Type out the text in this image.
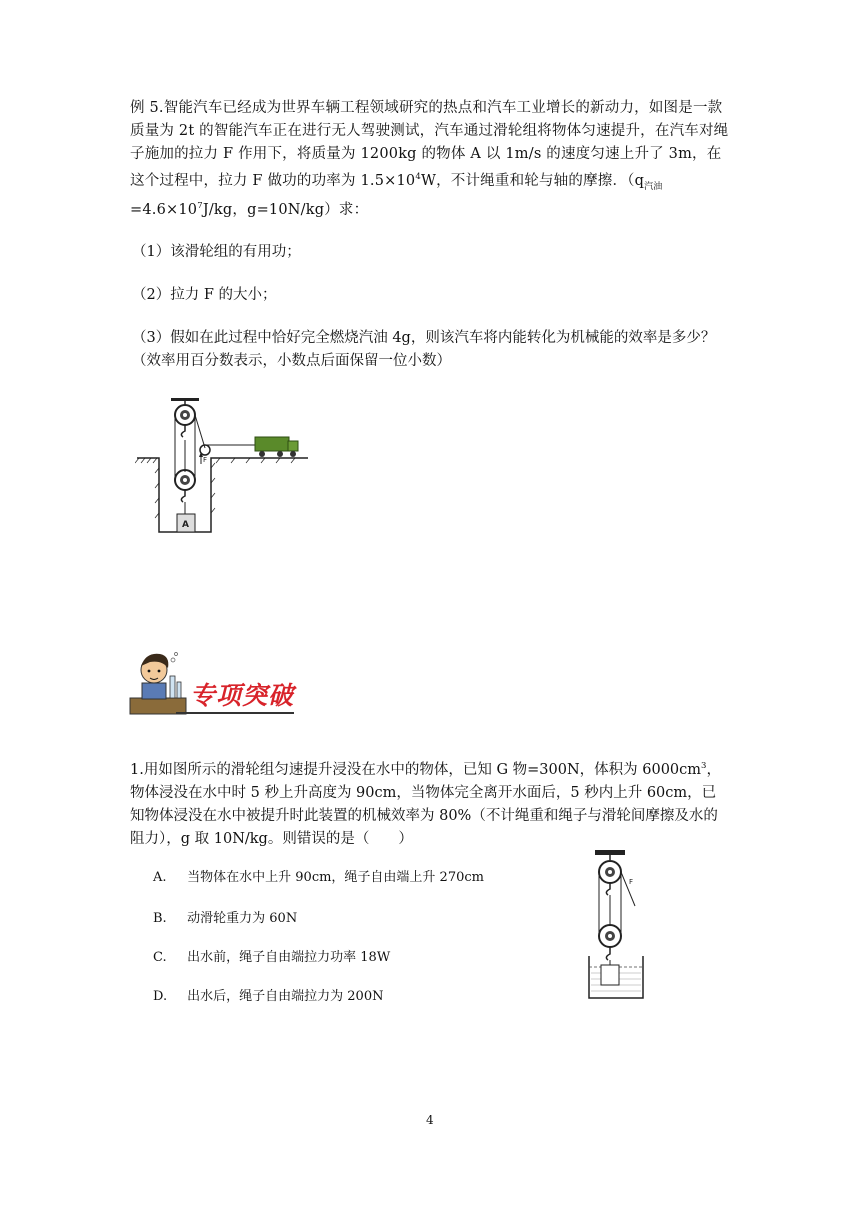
例 5.智能汽车已经成为世界车辆工程领域研究的热点和汽车工业增长的新动力，如图是一款质量为 2t 的智能汽车正在进行无人驾驶测试，汽车通过滑轮组将物体匀速提升，在汽车对绳子施加的拉力 F 作用下，将质量为 1200kg 的物体 A 以 1m/s 的速度匀速上升了 3m，在这个过程中，拉力 F 做功的功率为 $1.5\times 10^4W$，不计绳重和轮与轴的摩擦．（$q_{汽油}=4.6\times 10^7J/kg$，g=10N/kg）求：
（1）该滑轮组的有用功；
（2）拉力 F 的大小；
（3）假如在此过程中恰好完全燃烧汽油 4g，则该汽车将内能转化为机械能的效率是多少？
（效率用百分数表示，小数点后面保留一位小数）
F
A
专项突破
1.用如图所示的滑轮组匀速提升浸没在水中的物体，已知 G 物=300N，体积为 $6000cm^3$，物体浸没在水中时 5 秒上升高度为 90cm，当物体完全离开水面后，5 秒内上升 60cm，已知物体浸没在水中被提升时此装置的机械效率为 80%（不计绳重和绳子与滑轮间摩擦及水的阻力），g 取 10N/kg。则错误的是（　　）
A. 当物体在水中上升 90cm，绳子自由端上升 270cm
B. 动滑轮重力为 60N
C. 出水前，绳子自由端拉力功率 18W
D. 出水后，绳子自由端拉力为 200N
F
4
